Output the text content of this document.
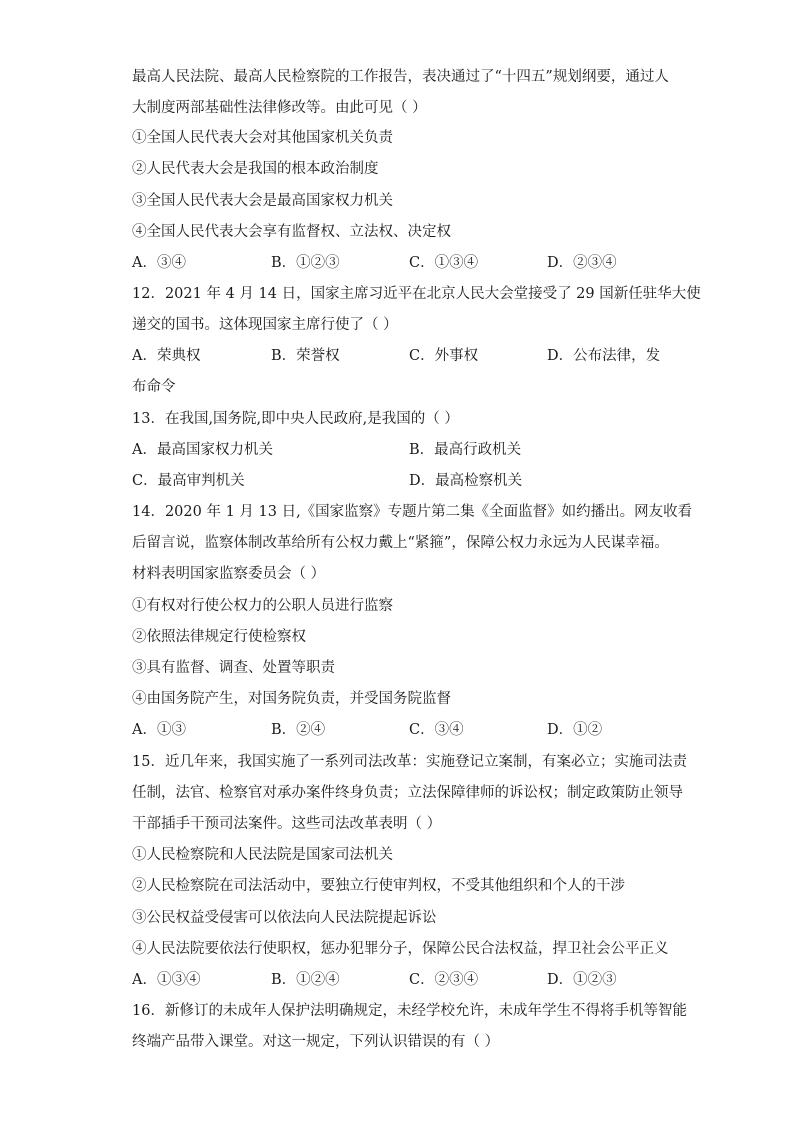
最高人民法院、最高人民检察院的工作报告，表决通过了“十四五”规划纲要，通过人
大制度两部基础性法律修改等。由此可见（ ）
①全国人民代表大会对其他国家机关负责
②人民代表大会是我国的根本政治制度
③全国人民代表大会是最高国家权力机关
④全国人民代表大会享有监督权、立法权、决定权
A．③④	B．①②③	C．①③④	D．②③④
12．2021 年 4 月 14 日，国家主席习近平在北京人民大会堂接受了 29 国新任驻华大使
递交的国书。这体现国家主席行使了（ ）
A．荣典权	B．荣誉权	C．外事权	D．公布法律，发
布命令
13．在我国,国务院,即中央人民政府,是我国的（ ）
A．最高国家权力机关	B．最高行政机关
C．最高审判机关	D．最高检察机关
14．2020 年 1 月 13 日,《国家监察》专题片第二集《全面监督》如约播出。网友收看
后留言说，监察体制改革给所有公权力戴上“紧箍”，保障公权力永远为人民谋幸福。
材料表明国家监察委员会（ ）
①有权对行使公权力的公职人员进行监察
②依照法律规定行使检察权
③具有监督、调查、处置等职责
④由国务院产生，对国务院负责，并受国务院监督
A．①③	B．②④	C．③④	D．①②
15．近几年来，我国实施了一系列司法改革：实施登记立案制，有案必立；实施司法责
任制，法官、检察官对承办案件终身负责；立法保障律师的诉讼权；制定政策防止领导
干部插手干预司法案件。这些司法改革表明（ ）
①人民检察院和人民法院是国家司法机关
②人民检察院在司法活动中，要独立行使审判权，不受其他组织和个人的干涉
③公民权益受侵害可以依法向人民法院提起诉讼
④人民法院要依法行使职权，惩办犯罪分子，保障公民合法权益，捍卫社会公平正义
A．①③④	B．①②④	C．②③④	D．①②③
16．新修订的未成年人保护法明确规定，未经学校允许，未成年学生不得将手机等智能
终端产品带入课堂。对这一规定，下列认识错误的有（ ）
